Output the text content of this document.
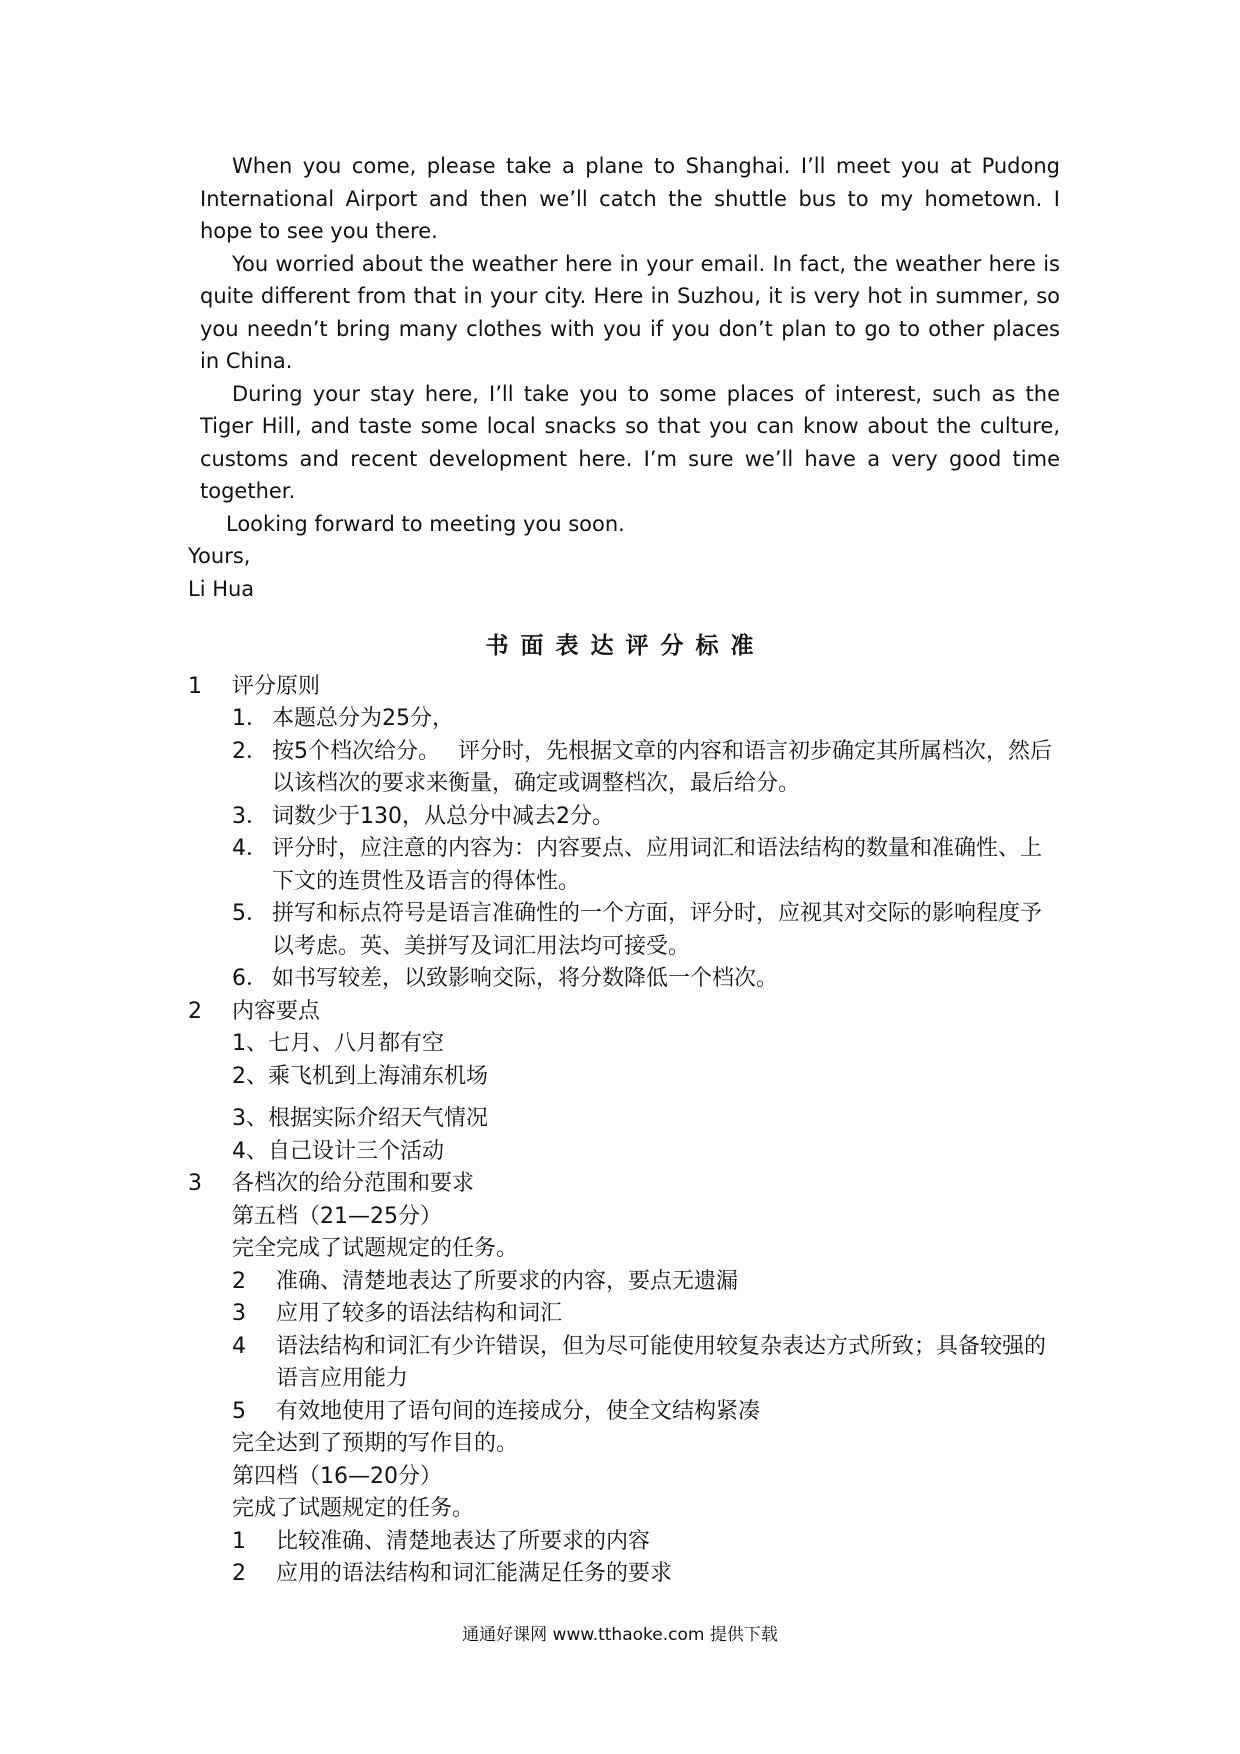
When you come, please take a plane to Shanghai. I’ll meet you at Pudong International Airport and then we’ll catch the shuttle bus to my hometown. I hope to see you there.

You worried about the weather here in your email. In fact, the weather here is quite different from that in your city. Here in Suzhou, it is very hot in summer, so you needn’t bring many clothes with you if you don’t plan to go to other places in China.

During your stay here, I’ll take you to some places of interest, such as the Tiger Hill, and taste some local snacks so that you can know about the culture, customs and recent development here. I’m sure we’ll have a very good time together.

Looking forward to meeting you soon.

Yours,

Li Hua

书面表达评分标准
1 评分原则
1． 本题总分为25分，
2． 按5个档次给分。　 评分时，先根据文章的内容和语言初步确定其所属档次，然后以该档次的要求来衡量，确定或调整档次，最后给分。
3． 词数少于130，从总分中减去2分。
4． 评分时，应注意的内容为：内容要点、应用词汇和语法结构的数量和准确性、上下文的连贯性及语言的得体性。
5． 拼写和标点符号是语言准确性的一个方面，评分时，应视其对交际的影响程度予以考虑。英、美拼写及词汇用法均可接受。
6． 如书写较差，以致影响交际，将分数降低一个档次。
2 内容要点
1、七月、八月都有空
2、乘飞机到上海浦东机场
3、根据实际介绍天气情况
4、自己设计三个活动
3 各档次的给分范围和要求
第五档（21—25分）
完全完成了试题规定的任务。
2 准确、清楚地表达了所要求的内容，要点无遗漏
3 应用了较多的语法结构和词汇
4 语法结构和词汇有少许错误，但为尽可能使用较复杂表达方式所致；具备较强的语言应用能力
5 有效地使用了语句间的连接成分，使全文结构紧凑
完全达到了预期的写作目的。
第四档（16—20分）
完成了试题规定的任务。
1 比较准确、清楚地表达了所要求的内容
2 应用的语法结构和词汇能满足任务的要求
通通好课网 www.tthaoke.com 提供下载
